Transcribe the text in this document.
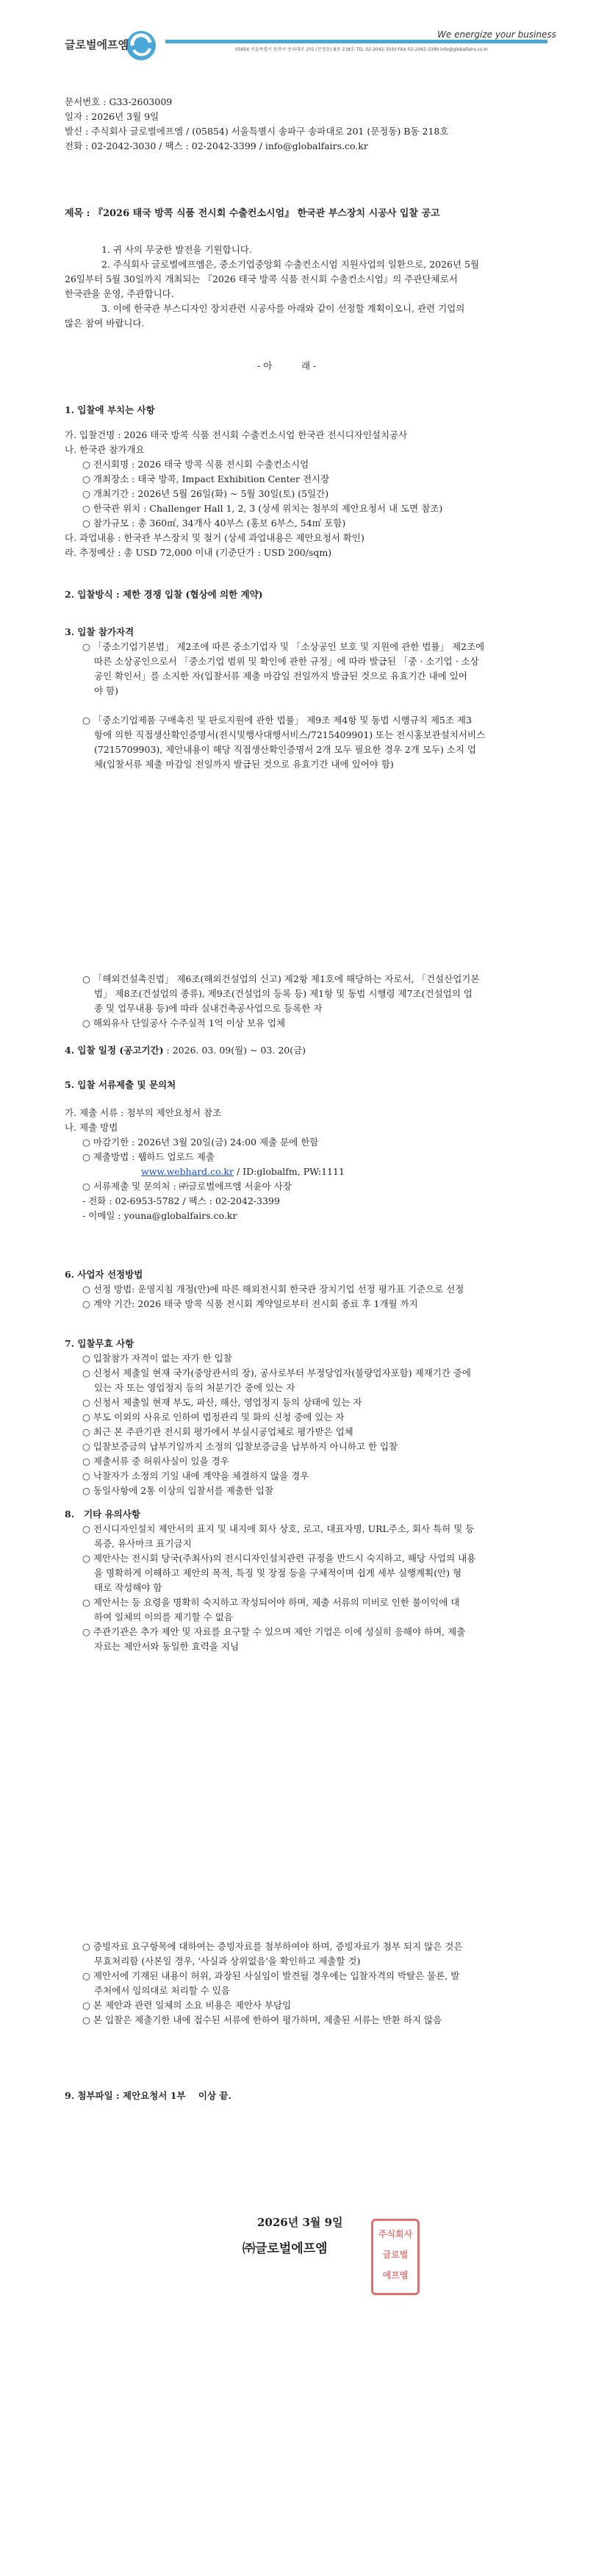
글로벌에프엠
We energize your business
05854 서울특별시 송파구 송파대로 201 (문정동) B동 218호 TEL 02-2042-3030 FAX 02-2042-3399 info@globalfairs.co.kr
문서번호 : G33-2603009
일자 : 2026년 3월 9일
발신 : 주식회사 글로벌에프엠 / (05854) 서울특별시 송파구 송파대로 201 (문정동) B동 218호
전화 : 02-2042-3030 / 팩스 : 02-2042-3399 / info@globalfairs.co.kr
제목 : 『2026 태국 방콕 식품 전시회 수출컨소시엄』 한국관 부스장치 시공사 입찰 공고
1. 귀 사의 무궁한 발전을 기원합니다.
2. 주식회사 글로벌에프엠은, 중소기업중앙회 수출컨소시엄 지원사업의 일환으로, 2026년 5월
26일부터 5월 30일까지 개최되는 『2026 태국 방콕 식품 전시회 수출컨소시엄』의 주관단체로서
한국관을 운영, 주관합니다.
3. 이에 한국관 부스디자인 장치관련 시공사를 아래와 같이 선정할 계획이오니, 관련 기업의
많은 참여 바랍니다.
- 아          래 -
1. 입찰에 부치는 사항
가. 입찰건명 : 2026 태국 방콕 식품 전시회 수출컨소시엄 한국관 전시디자인설치공사
나. 한국관 참가개요
○ 전시회명 : 2026 태국 방콕 식품 전시회 수출컨소시엄
○ 개최장소 : 태국 방콕, Impact Exhibition Center 전시장
○ 개최기간 : 2026년 5월 26일(화) ~ 5월 30일(토) (5일간)
○ 한국관 위치 : Challenger Hall 1, 2, 3 (상세 위치는 첨부의 제안요청서 내 도면 참조)
○ 참가규모 : 총 360㎡, 34개사 40부스 (홍보 6부스, 54㎡ 포함)
다. 과업내용 : 한국관 부스장치 및 철거 (상세 과업내용은 제안요청서 확인)
라. 추정예산 : 총 USD 72,000 이내 (기준단가 : USD 200/sqm)
2. 입찰방식 : 제한 경쟁 입찰 (협상에 의한 계약)
3. 입찰 참가자격
○ 「중소기업기본법」 제2조에 따른 중소기업자 및 「소상공인 보호 및 지원에 관한 법률」 제2조에
따른 소상공인으로서 「중소기업 범위 및 확인에 관한 규정」에 따라 발급된 「중 · 소기업 · 소상
공인 확인서」를 소지한 자(입찰서류 제출 마감일 전일까지 발급된 것으로 유효기간 내에 있어
야 함)
○ 「중소기업제품 구매촉진 및 판로지원에 관한 법률」 제9조 제4항 및 동법 시행규칙 제5조 제3
항에 의한 직접생산확인증명서(전시및행사대행서비스/7215409901) 또는 전시홍보관설치서비스
(7215709903), 제안내용이 해당 직접생산확인증명서 2개 모두 필요한 경우 2개 모두) 소지 업
체(입찰서류 제출 마감일 전일까지 발급된 것으로 유효기간 내에 있어야 함)
○ 「해외건설촉진법」 제6조(해외건설업의 신고) 제2항 제1호에 해당하는 자로서, 「건설산업기본
법」 제8조(건설업의 종류), 제9조(건설업의 등록 등) 제1항 및 동법 시행령 제7조(건설업의 업
종 및 업무내용 등)에 따라 실내건축공사업으로 등록한 자
○ 해외유사 단일공사 수주실적 1억 이상 보유 업체
4. 입찰 일정 (공고기간) : 2026. 03. 09(월) ~ 03. 20(금)
5. 입찰 서류제출 및 문의처
가. 제출 서류 : 첨부의 제안요청서 참조
나. 제출 방법
○ 마감기한 : 2026년 3월 20일(금) 24:00 제출 분에 한함
○ 제출방법 : 웹하드 업로드 제출
www.webhard.co.kr / ID:globalfm, PW:1111
○ 서류제출 및 문의처 : ㈜글로벌에프엠 서윤아 사장
- 전화 : 02-6953-5782 / 팩스 : 02-2042-3399
- 이메일 : youna@globalfairs.co.kr
6. 사업자 선정방법
○ 선정 방법: 운영지침 개정(안)에 따른 해외전시회 한국관 장치기업 선정 평가표 기준으로 선정
○ 계약 기간: 2026 태국 방콕 식품 전시회 계약일로부터 전시회 종료 후 1개월 까지
7. 입찰무효 사항
○ 입찰참가 자격이 없는 자가 한 입찰
○ 신청서 제출일 현재 국가(중앙관서의 장), 공사로부터 부정당업자(불량업자포함) 제재기간 중에
있는 자 또는 영업정지 등의 처분기간 중에 있는 자
○ 신청서 제출일 현재 부도, 파산, 해산, 영업정지 등의 상태에 있는 자
○ 부도 이외의 사유로 인하여 법정관리 및 화의 신청 중에 있는 자
○ 최근 본 주관기관 전시회 평가에서 부실시공업체로 평가받은 업체
○ 입찰보증금의 납부기일까지 소정의 입찰보증금을 납부하지 아니하고 한 입찰
○ 제출서류 중 허위사실이 있을 경우
○ 낙찰자가 소정의 기일 내에 계약을 체결하지 않을 경우
○ 동일사항에 2통 이상의 입찰서를 제출한 입찰
8.   기타 유의사항
○ 전시디자인설치 제안서의 표지 및 내지에 회사 상호, 로고, 대표자명, URL주소, 회사 특허 및 등
록증, 유사마크 표기금지
○ 제안사는 전시회 당국(주최사)의 전시디자인설치관련 규정을 반드시 숙지하고, 해당 사업의 내용
을 명확하게 이해하고 제안의 목적, 특징 및 장점 등을 구체적이며 쉽게 세부 실행계획(안) 형
태로 작성해야 함
○ 제안서는 등 요령을 명확히 숙지하고 작성되어야 하며, 제출 서류의 미비로 인한 불이익에 대
하여 일체의 이의를 제기할 수 없음
○ 주관기관은 추가 제안 및 자료를 요구할 수 있으며 제안 기업은 이에 성실히 응해야 하며, 제출
자료는 제안서와 동일한 효력을 지님
○ 증빙자료 요구항목에 대하여는 증빙자료를 첨부하여야 하며, 증빙자료가 첨부 되지 않은 것은
무효처리함 (사본일 경우, '사실과 상위없음'을 확인하고 제출할 것)
○ 제안서에 기재된 내용이 허위, 과장된 사실임이 발견될 경우에는 입찰자격의 박탈은 물론, 발
주처에서 임의대로 처리할 수 있음
○ 본 제안과 관련 일체의 소요 비용은 제안사 부담임
○ 본 입찰은 제출기한 내에 접수된 서류에 한하여 평가하며, 제출된 서류는 반환 하지 않음
9. 첨부파일 : 제안요청서 1부    이상 끝.
2026년 3월 9일
㈜글로벌에프엠
주식회사
글로벌
에프엠
